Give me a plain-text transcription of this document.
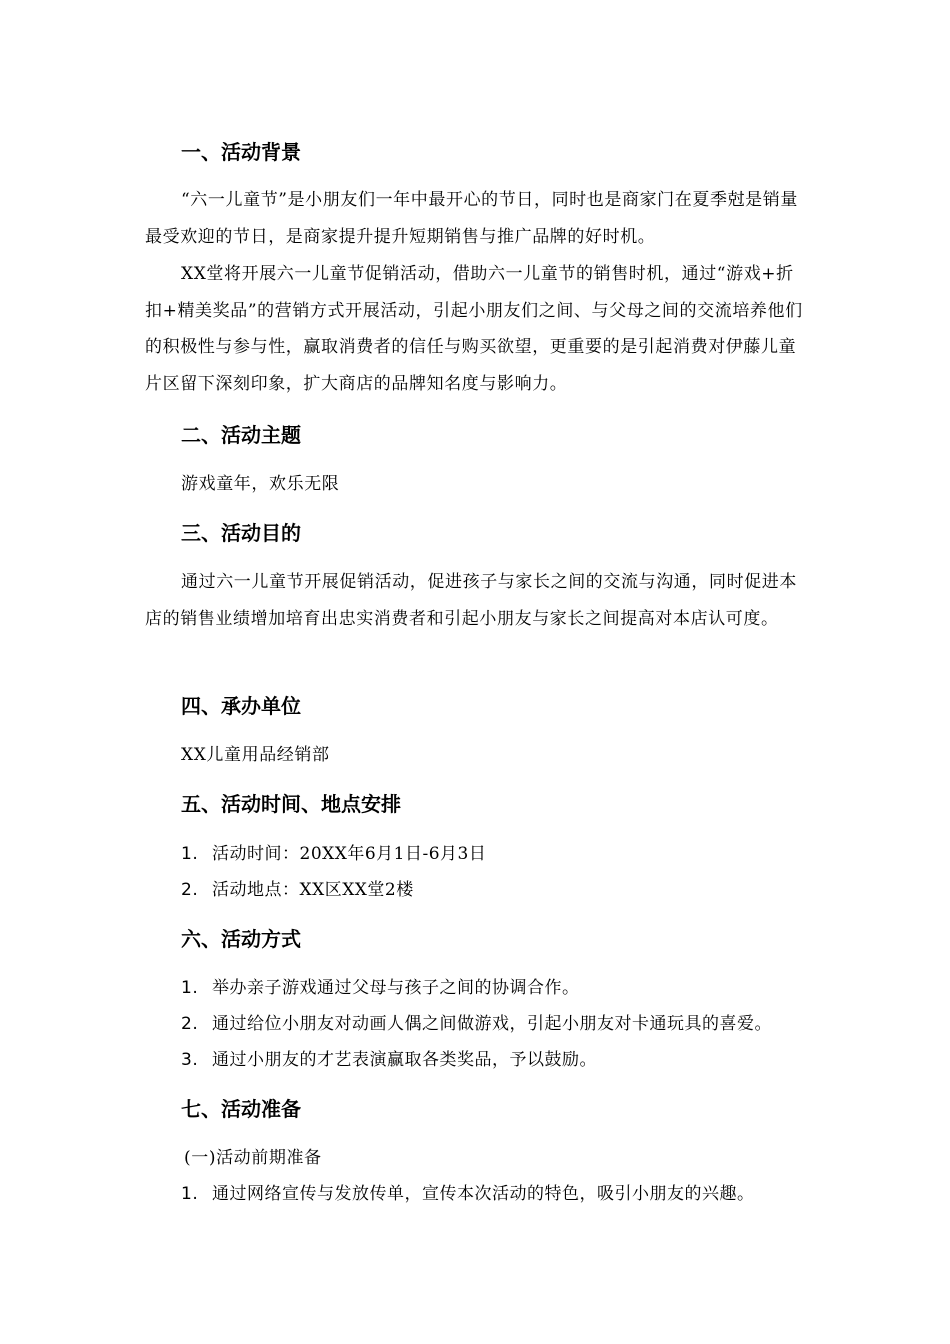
一、活动背景
“六一儿童节”是小朋友们一年中最开心的节日，同时也是商家门在夏季尅是销量最受欢迎的节日，是商家提升提升短期销售与推广品牌的好时机。
XX堂将开展六一儿童节促销活动，借助六一儿童节的销售时机，通过“游戏+折扣+精美奖品”的营销方式开展活动，引起小朋友们之间、与父母之间的交流培养他们的积极性与参与性，赢取消费者的信任与购买欲望，更重要的是引起消费对伊藤儿童片区留下深刻印象，扩大商店的品牌知名度与影响力。
二、活动主题
游戏童年，欢乐无限
三、活动目的
通过六一儿童节开展促销活动，促进孩子与家长之间的交流与沟通，同时促进本店的销售业绩增加培育出忠实消费者和引起小朋友与家长之间提高对本店认可度。
四、承办单位
XX儿童用品经销部
五、活动时间、地点安排
1. 活动时间：20XX年6月1日-6月3日
2. 活动地点：XX区XX堂2楼
六、活动方式
1. 举办亲子游戏通过父母与孩子之间的协调合作。
2. 通过给位小朋友对动画人偶之间做游戏，引起小朋友对卡通玩具的喜爱。
3. 通过小朋友的才艺表演赢取各类奖品，予以鼓励。
七、活动准备
(一)活动前期准备
1. 通过网络宣传与发放传单，宣传本次活动的特色，吸引小朋友的兴趣。
